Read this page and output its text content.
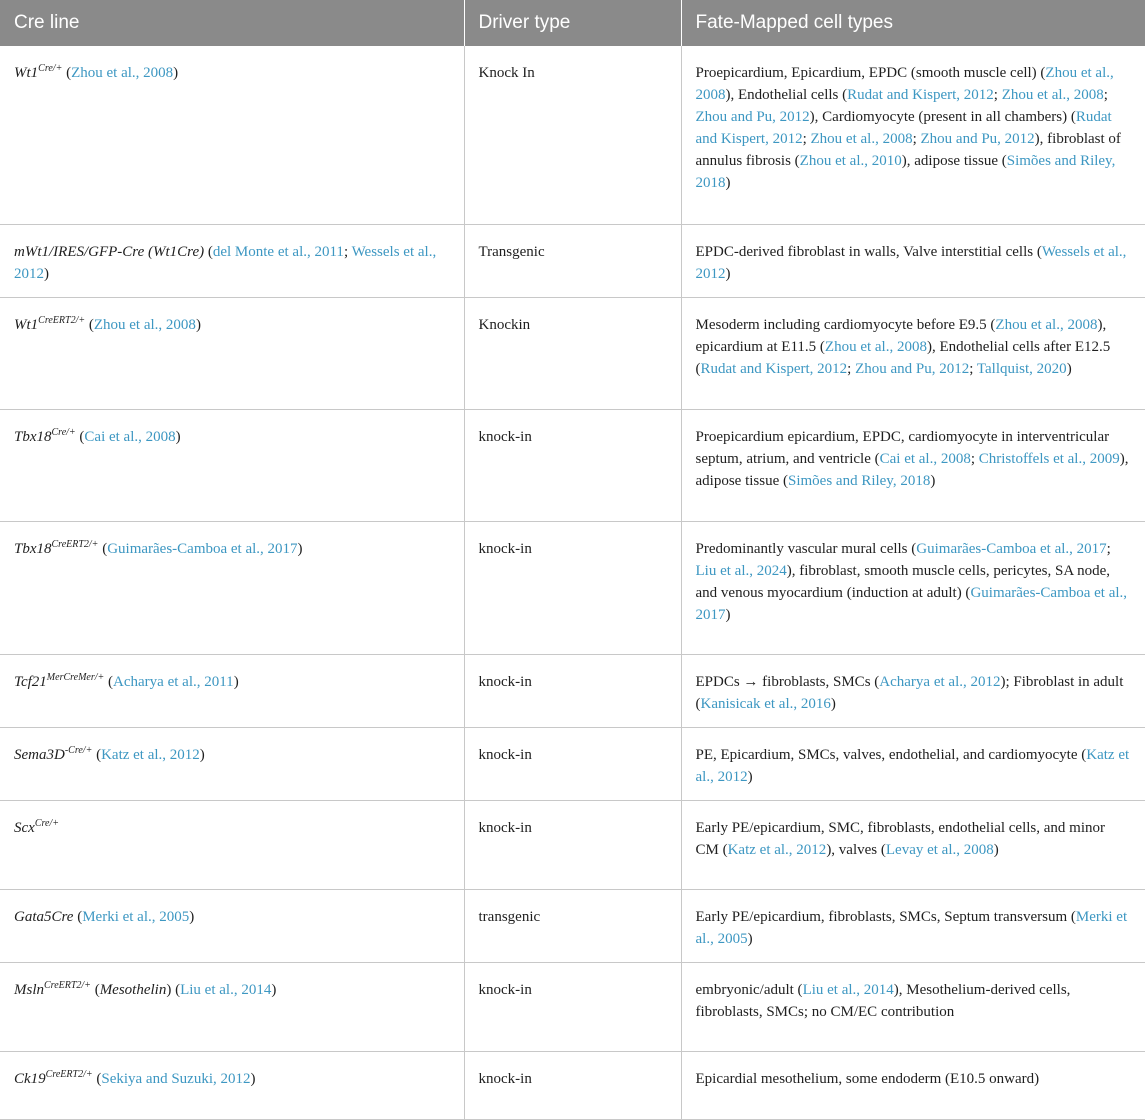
Cre line	Driver type	Fate-Mapped cell types
$Wt1^{Cre/+}$ (Zhou et al., 2008)	Knock In	Proepicardium, Epicardium, EPDC (smooth muscle cell) (Zhou et al., 2008), Endothelial cells (Rudat and Kispert, 2012; Zhou et al., 2008; Zhou and Pu, 2012), Cardiomyocyte (present in all chambers) (Rudat and Kispert, 2012; Zhou et al., 2008; Zhou and Pu, 2012), fibroblast of annulus fibrosis (Zhou et al., 2010), adipose tissue (Simões and Riley, 2018)
mWt1/IRES/GFP-Cre (Wt1Cre) (del Monte et al., 2011; Wessels et al., 2012)	Transgenic	EPDC-derived fibroblast in walls, Valve interstitial cells (Wessels et al., 2012)
$Wt1^{CreERT2/+}$ (Zhou et al., 2008)	Knockin	Mesoderm including cardiomyocyte before E9.5 (Zhou et al., 2008), epicardium at E11.5 (Zhou et al., 2008), Endothelial cells after E12.5 (Rudat and Kispert, 2012; Zhou and Pu, 2012; Tallquist, 2020)
$Tbx18^{Cre/+}$ (Cai et al., 2008)	knock-in	Proepicardium epicardium, EPDC, cardiomyocyte in interventricular septum, atrium, and ventricle (Cai et al., 2008; Christoffels et al., 2009), adipose tissue (Simões and Riley, 2018)
$Tbx18^{CreERT2/+}$ (Guimarães-Camboa et al., 2017)	knock-in	Predominantly vascular mural cells (Guimarães-Camboa et al., 2017; Liu et al., 2024), fibroblast, smooth muscle cells, pericytes, SA node, and venous myocardium (induction at adult) (Guimarães-Camboa et al., 2017)
$Tcf21^{MerCreMer/+}$ (Acharya et al., 2011)	knock-in	EPDCs → fibroblasts, SMCs (Acharya et al., 2012); Fibroblast in adult (Kanisicak et al., 2016)
$Sema3D^{-Cre/+}$ (Katz et al., 2012)	knock-in	PE, Epicardium, SMCs, valves, endothelial, and cardiomyocyte (Katz et al., 2012)
Scx$^{Cre/+}$	knock-in	Early PE/epicardium, SMC, fibroblasts, endothelial cells, and minor CM (Katz et al., 2012), valves (Levay et al., 2008)
Gata5Cre (Merki et al., 2005)	transgenic	Early PE/epicardium, fibroblasts, SMCs, Septum transversum (Merki et al., 2005)
Msln$^{CreERT2/+}$ (Mesothelin) (Liu et al., 2014)	knock-in	embryonic/adult (Liu et al., 2014), Mesothelium-derived cells, fibroblasts, SMCs; no CM/EC contribution
$Ck19^{CreERT2/+}$ (Sekiya and Suzuki, 2012)	knock-in	Epicardial mesothelium, some endoderm (E10.5 onward)
